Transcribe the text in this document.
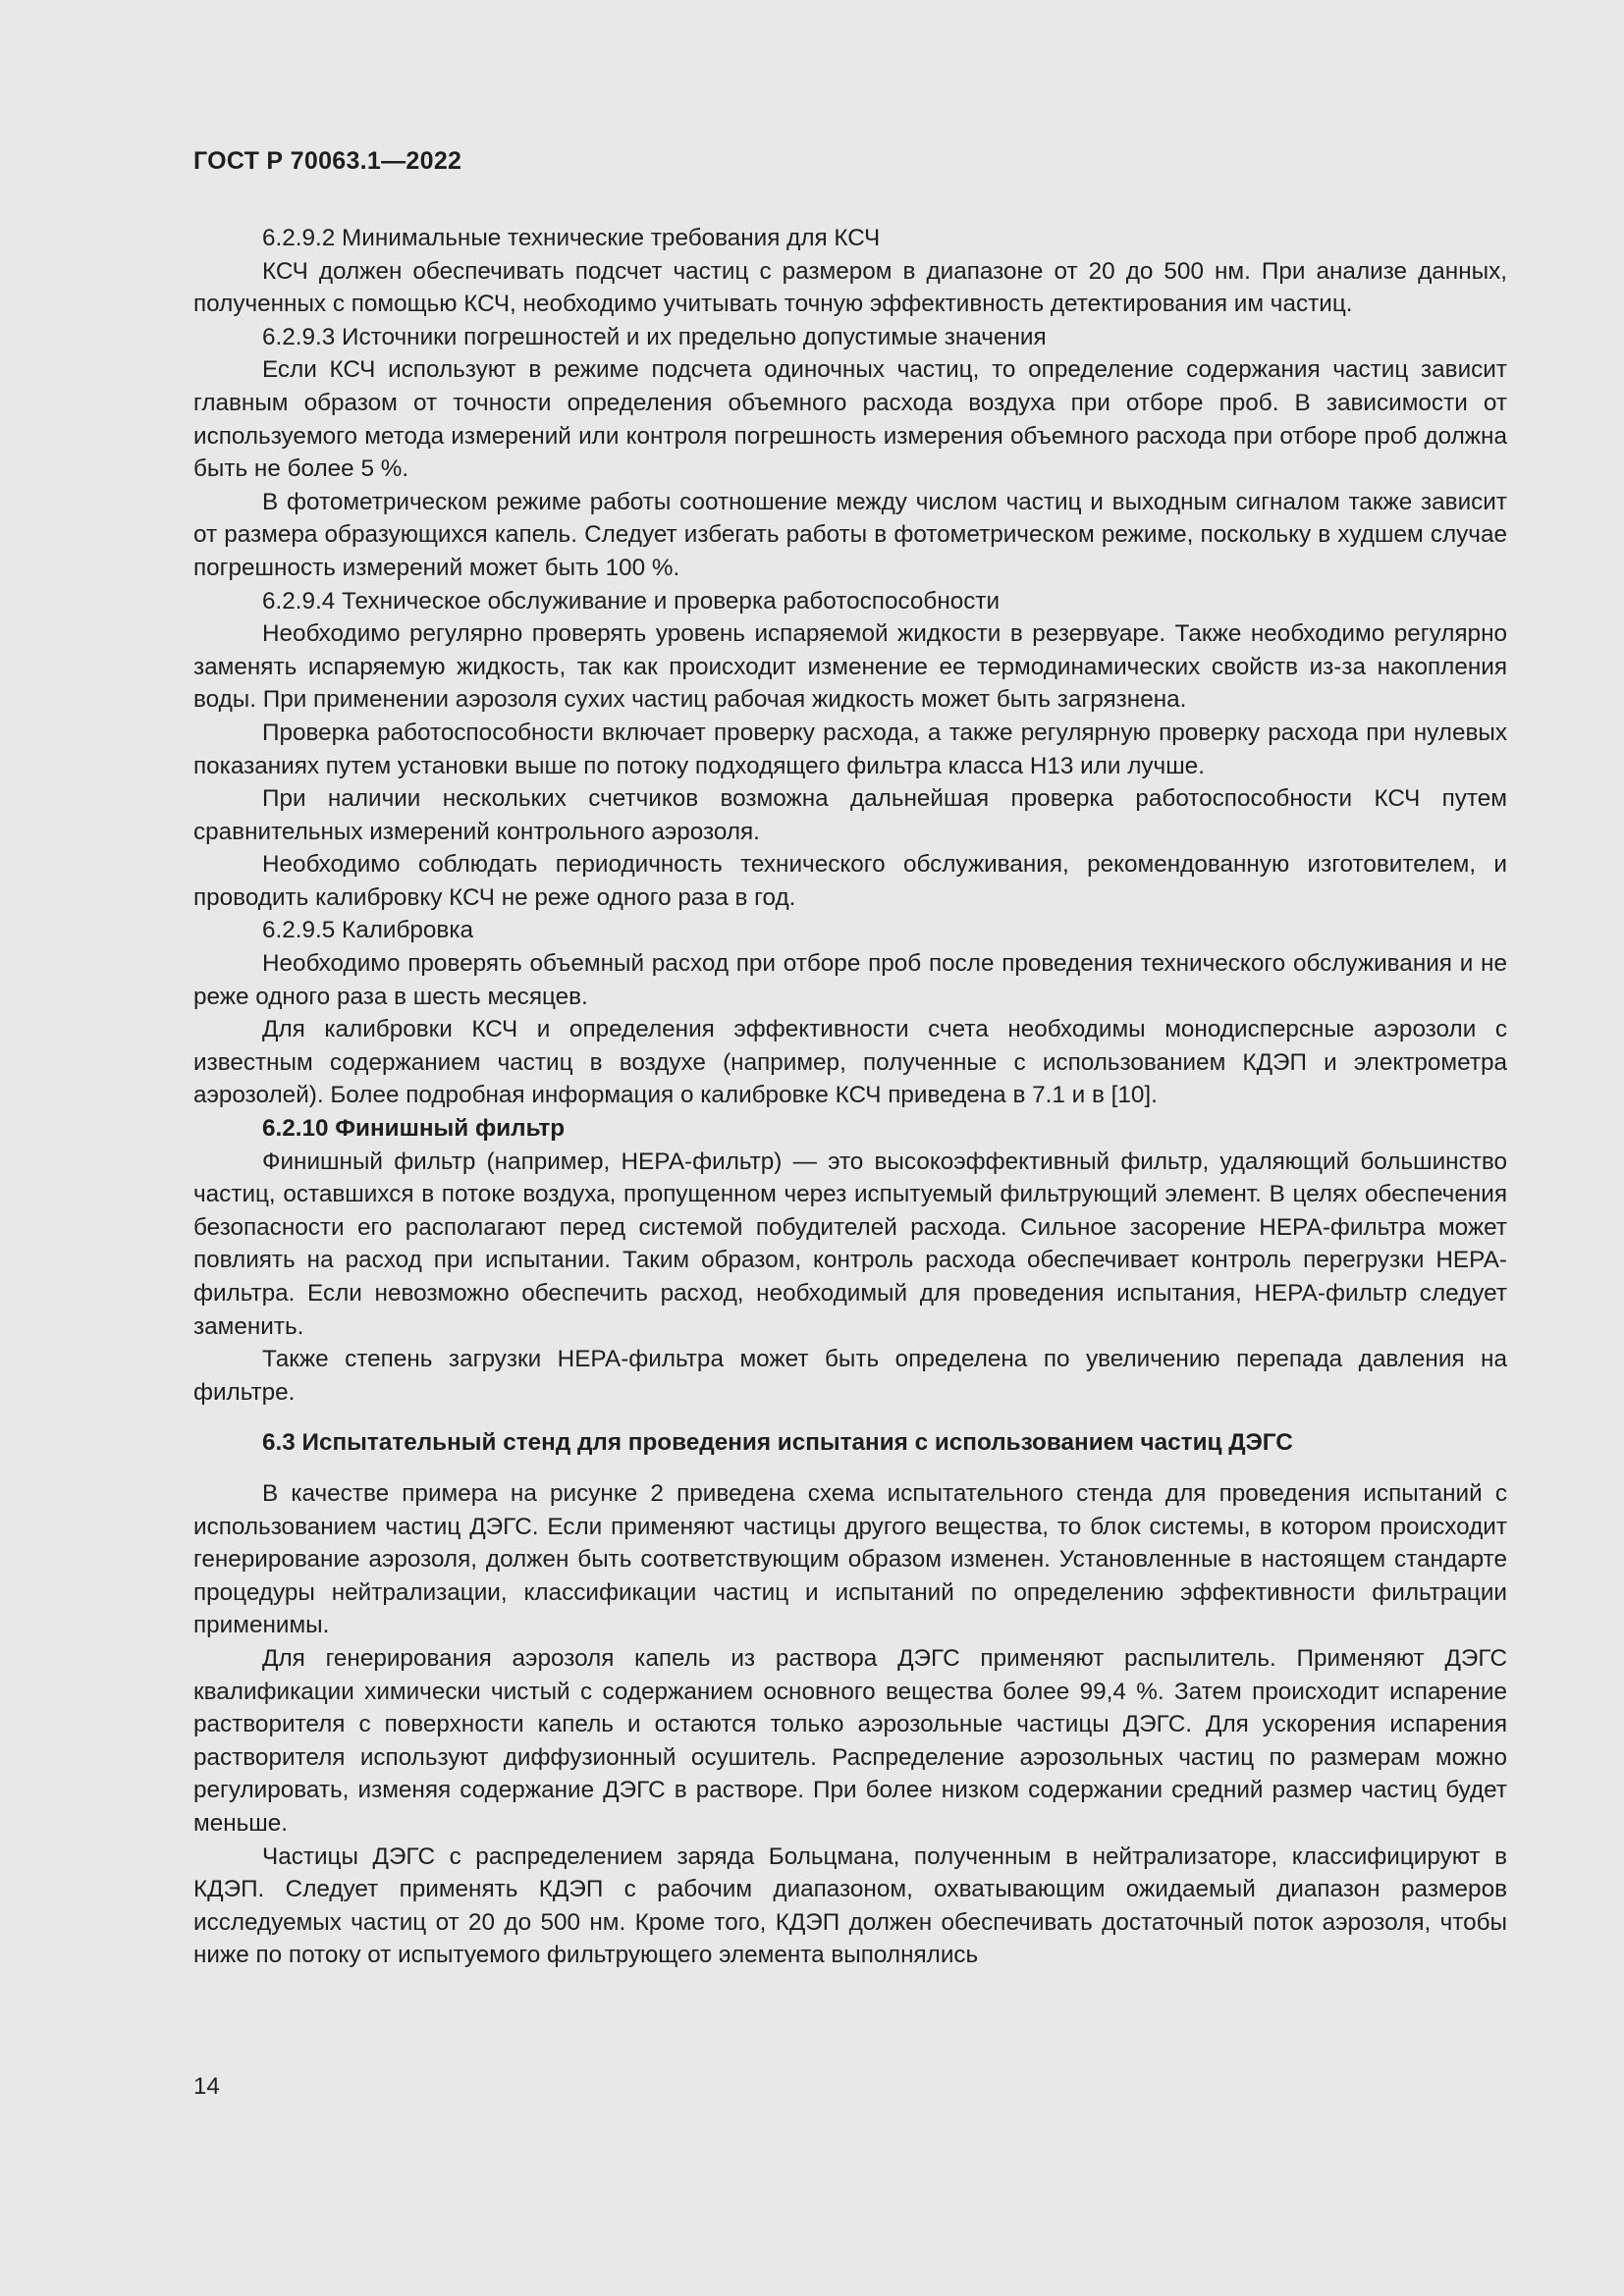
ГОСТ Р 70063.1—2022

6.2.9.2 Минимальные технические требования для КСЧ

КСЧ должен обеспечивать подсчет частиц с размером в диапазоне от 20 до 500 нм. При анализе данных, полученных с помощью КСЧ, необходимо учитывать точную эффективность детектирования им частиц.

6.2.9.3 Источники погрешностей и их предельно допустимые значения

Если КСЧ используют в режиме подсчета одиночных частиц, то определение содержания частиц зависит главным образом от точности определения объемного расхода воздуха при отборе проб. В зависимости от используемого метода измерений или контроля погрешность измерения объемного расхода при отборе проб должна быть не более 5 %.

В фотометрическом режиме работы соотношение между числом частиц и выходным сигналом также зависит от размера образующихся капель. Следует избегать работы в фотометрическом режиме, поскольку в худшем случае погрешность измерений может быть 100 %.

6.2.9.4 Техническое обслуживание и проверка работоспособности

Необходимо регулярно проверять уровень испаряемой жидкости в резервуаре. Также необходимо регулярно заменять испаряемую жидкость, так как происходит изменение ее термодинамических свойств из-за накопления воды. При применении аэрозоля сухих частиц рабочая жидкость может быть загрязнена.

Проверка работоспособности включает проверку расхода, а также регулярную проверку расхода при нулевых показаниях путем установки выше по потоку подходящего фильтра класса H13 или лучше.

При наличии нескольких счетчиков возможна дальнейшая проверка работоспособности КСЧ путем сравнительных измерений контрольного аэрозоля.

Необходимо соблюдать периодичность технического обслуживания, рекомендованную изготовителем, и проводить калибровку КСЧ не реже одного раза в год.

6.2.9.5 Калибровка

Необходимо проверять объемный расход при отборе проб после проведения технического обслуживания и не реже одного раза в шесть месяцев.

Для калибровки КСЧ и определения эффективности счета необходимы монодисперсные аэрозоли с известным содержанием частиц в воздухе (например, полученные с использованием КДЭП и электрометра аэрозолей). Более подробная информация о калибровке КСЧ приведена в 7.1 и в [10].

6.2.10 Финишный фильтр

Финишный фильтр (например, НЕРА-фильтр) — это высокоэффективный фильтр, удаляющий большинство частиц, оставшихся в потоке воздуха, пропущенном через испытуемый фильтрующий элемент. В целях обеспечения безопасности его располагают перед системой побудителей расхода. Сильное засорение НЕРА-фильтра может повлиять на расход при испытании. Таким образом, контроль расхода обеспечивает контроль перегрузки НЕРА-фильтра. Если невозможно обеспечить расход, необходимый для проведения испытания, НЕРА-фильтр следует заменить.

Также степень загрузки НЕРА-фильтра может быть определена по увеличению перепада давления на фильтре.

6.3 Испытательный стенд для проведения испытания с использованием частиц ДЭГС

В качестве примера на рисунке 2 приведена схема испытательного стенда для проведения испытаний с использованием частиц ДЭГС. Если применяют частицы другого вещества, то блок системы, в котором происходит генерирование аэрозоля, должен быть соответствующим образом изменен. Установленные в настоящем стандарте процедуры нейтрализации, классификации частиц и испытаний по определению эффективности фильтрации применимы.

Для генерирования аэрозоля капель из раствора ДЭГС применяют распылитель. Применяют ДЭГС квалификации химически чистый с содержанием основного вещества более 99,4 %. Затем происходит испарение растворителя с поверхности капель и остаются только аэрозольные частицы ДЭГС. Для ускорения испарения растворителя используют диффузионный осушитель. Распределение аэрозольных частиц по размерам можно регулировать, изменяя содержание ДЭГС в растворе. При более низком содержании средний размер частиц будет меньше.

Частицы ДЭГС с распределением заряда Больцмана, полученным в нейтрализаторе, классифицируют в КДЭП. Следует применять КДЭП с рабочим диапазоном, охватывающим ожидаемый диапазон размеров исследуемых частиц от 20 до 500 нм. Кроме того, КДЭП должен обеспечивать достаточный поток аэрозоля, чтобы ниже по потоку от испытуемого фильтрующего элемента выполнялись

14
